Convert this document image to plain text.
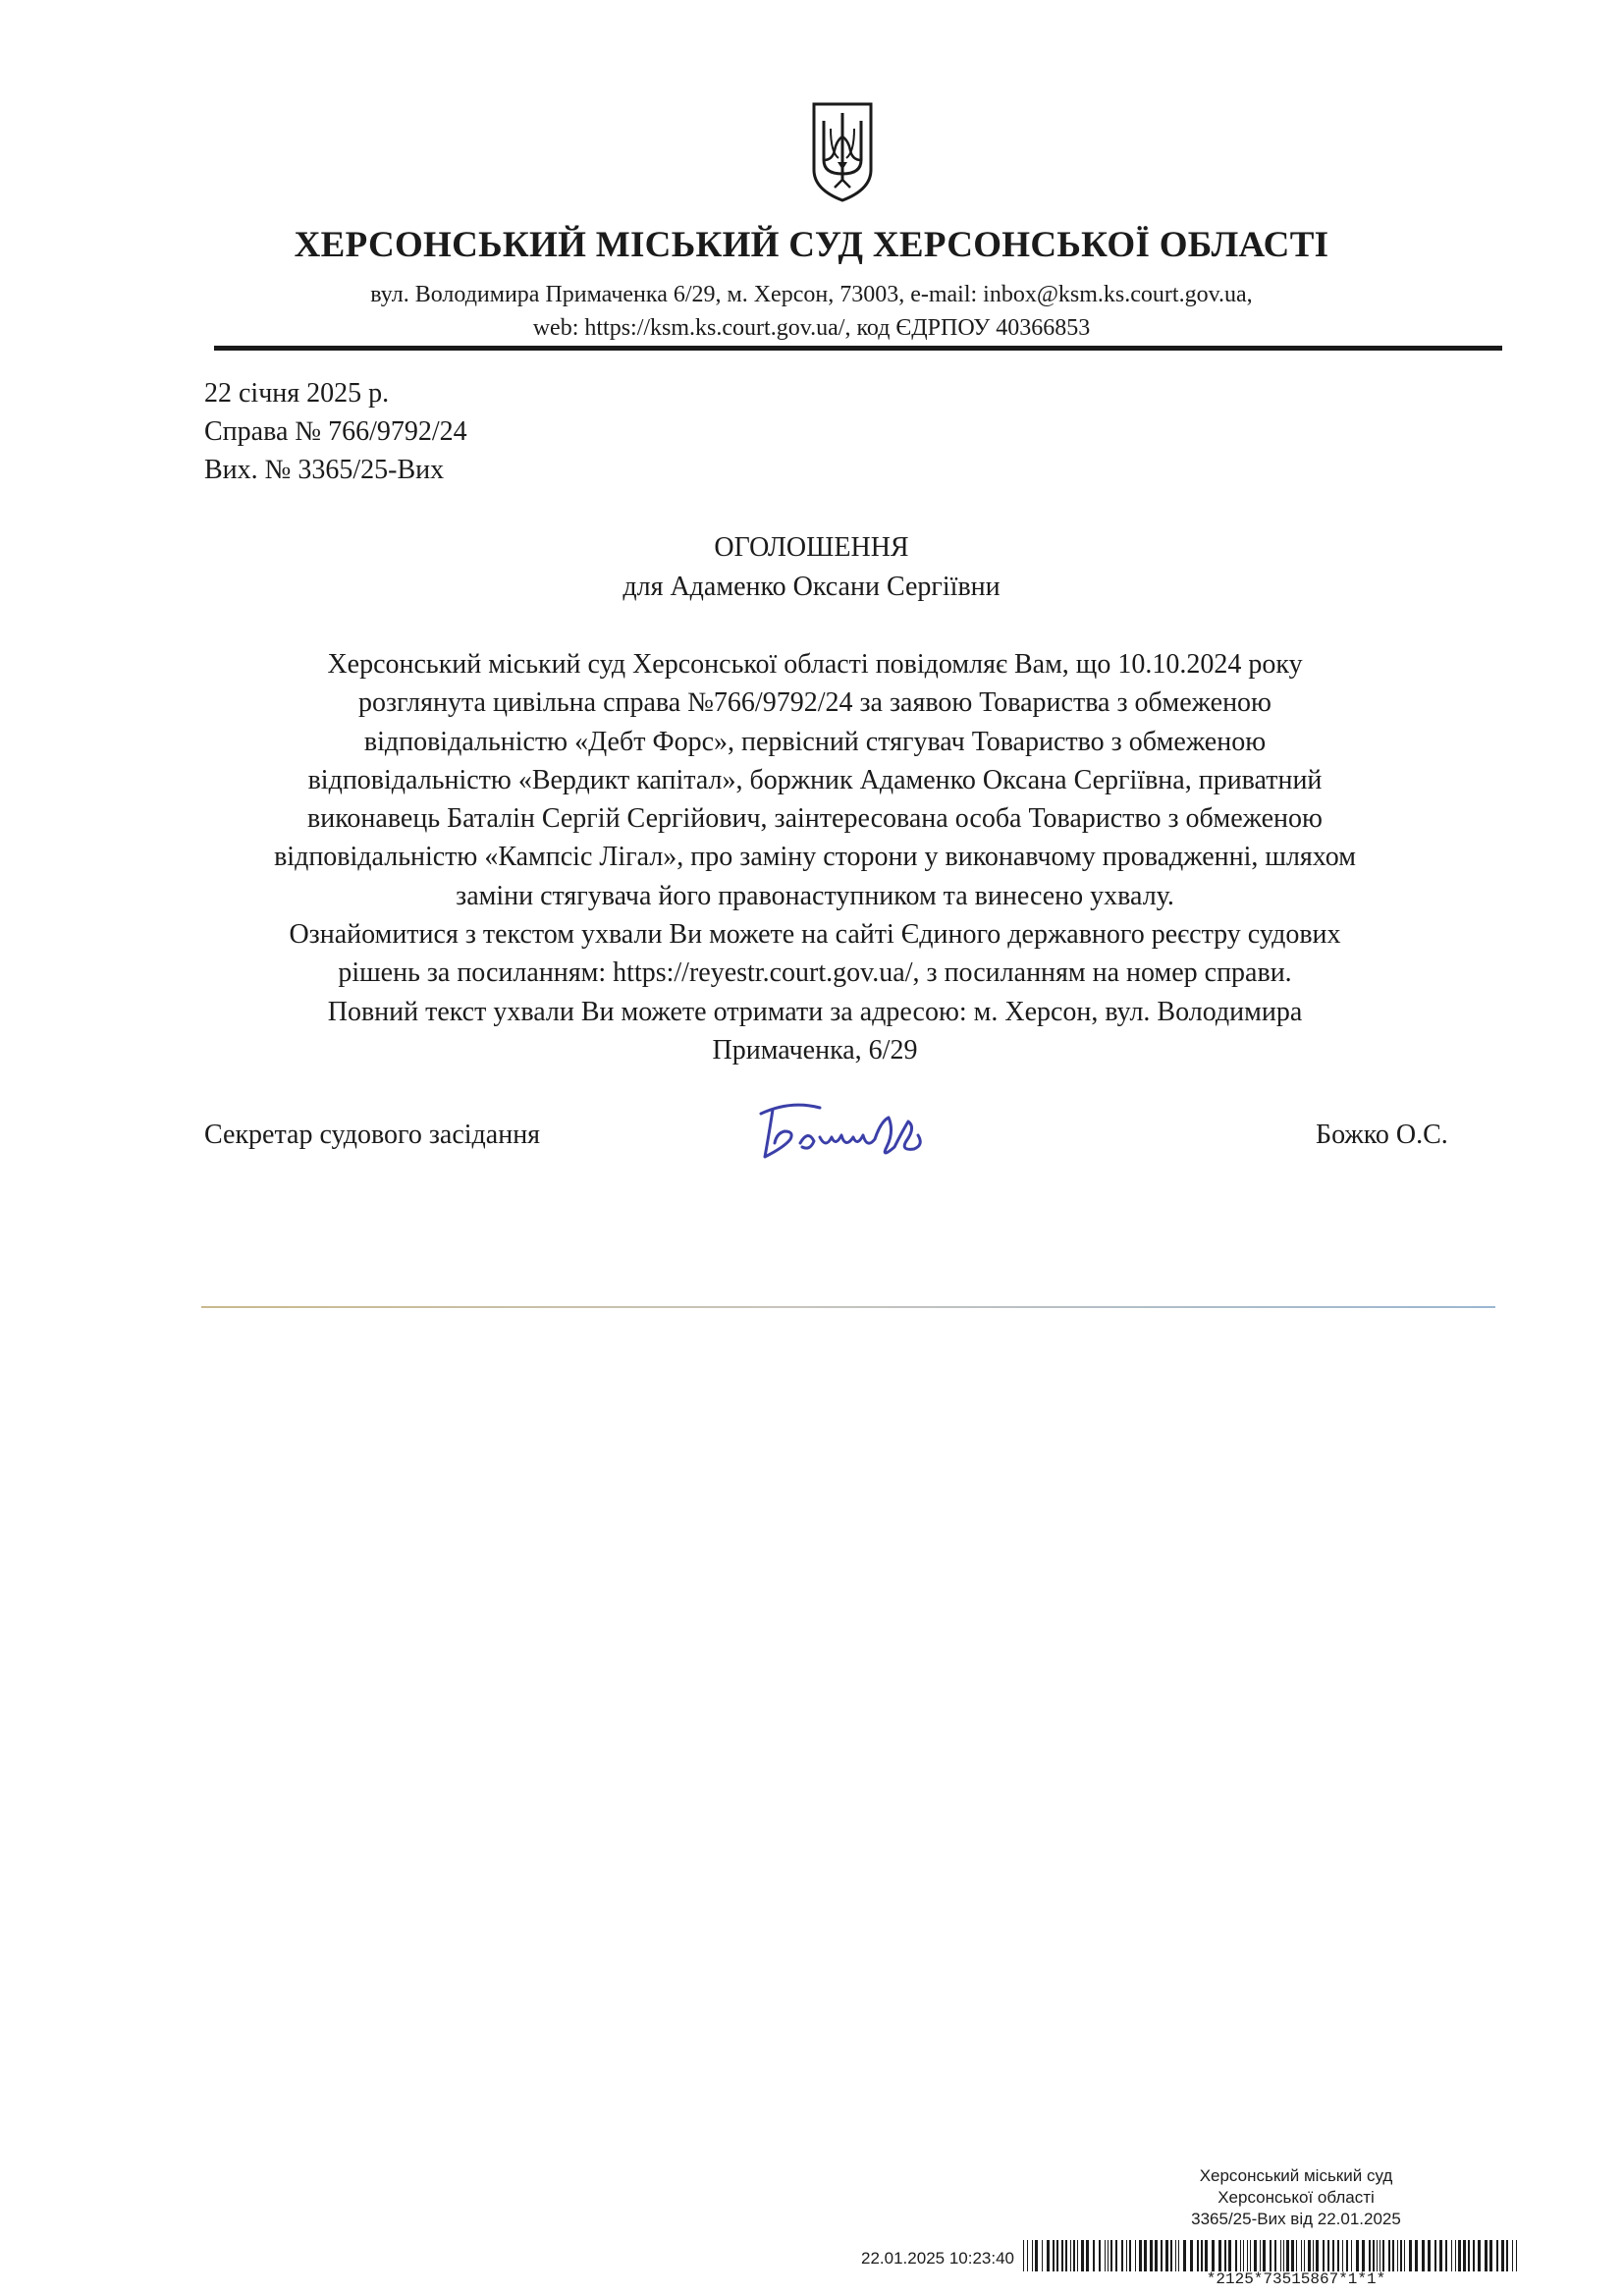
ХЕРСОНСЬКИЙ МІСЬКИЙ СУД ХЕРСОНСЬКОЇ ОБЛАСТІ
вул. Володимира Примаченка 6/29, м. Херсон, 73003, e-mail: inbox@ksm.ks.court.gov.ua,
web: https://ksm.ks.court.gov.ua/, код ЄДРПОУ 40366853
22 січня 2025 р.
Справа № 766/9792/24
Вих. № 3365/25-Вих
ОГОЛОШЕННЯ
для Адаменко Оксани Сергіївни
Херсонський міський суд Херсонської області повідомляє Вам, що 10.10.2024 року
розглянута цивільна справа №766/9792/24 за заявою Товариства з обмеженою
відповідальністю «Дебт Форс», первісний стягувач Товариство з обмеженою
відповідальністю «Вердикт капітал», боржник Адаменко Оксана Сергіївна, приватний
виконавець Баталін Сергій Сергійович, заінтересована особа Товариство з обмеженою
відповідальністю «Кампсіс Лігал», про заміну сторони у виконавчому провадженні, шляхом
заміни стягувача його правонаступником та винесено ухвалу.
Ознайомитися з текстом ухвали Ви можете на сайті Єдиного державного реєстру судових
рішень за посиланням: https://reyestr.court.gov.ua/, з посиланням на номер справи.
Повний текст ухвали Ви можете отримати за адресою: м. Херсон, вул. Володимира
Примаченка, 6/29
Секретар судового засідання	Божко О.С.
Херсонський міський суд
Херсонської області
3365/25-Вих від 22.01.2025
22.01.2025 10:23:40
*2125*73515867*1*1*
